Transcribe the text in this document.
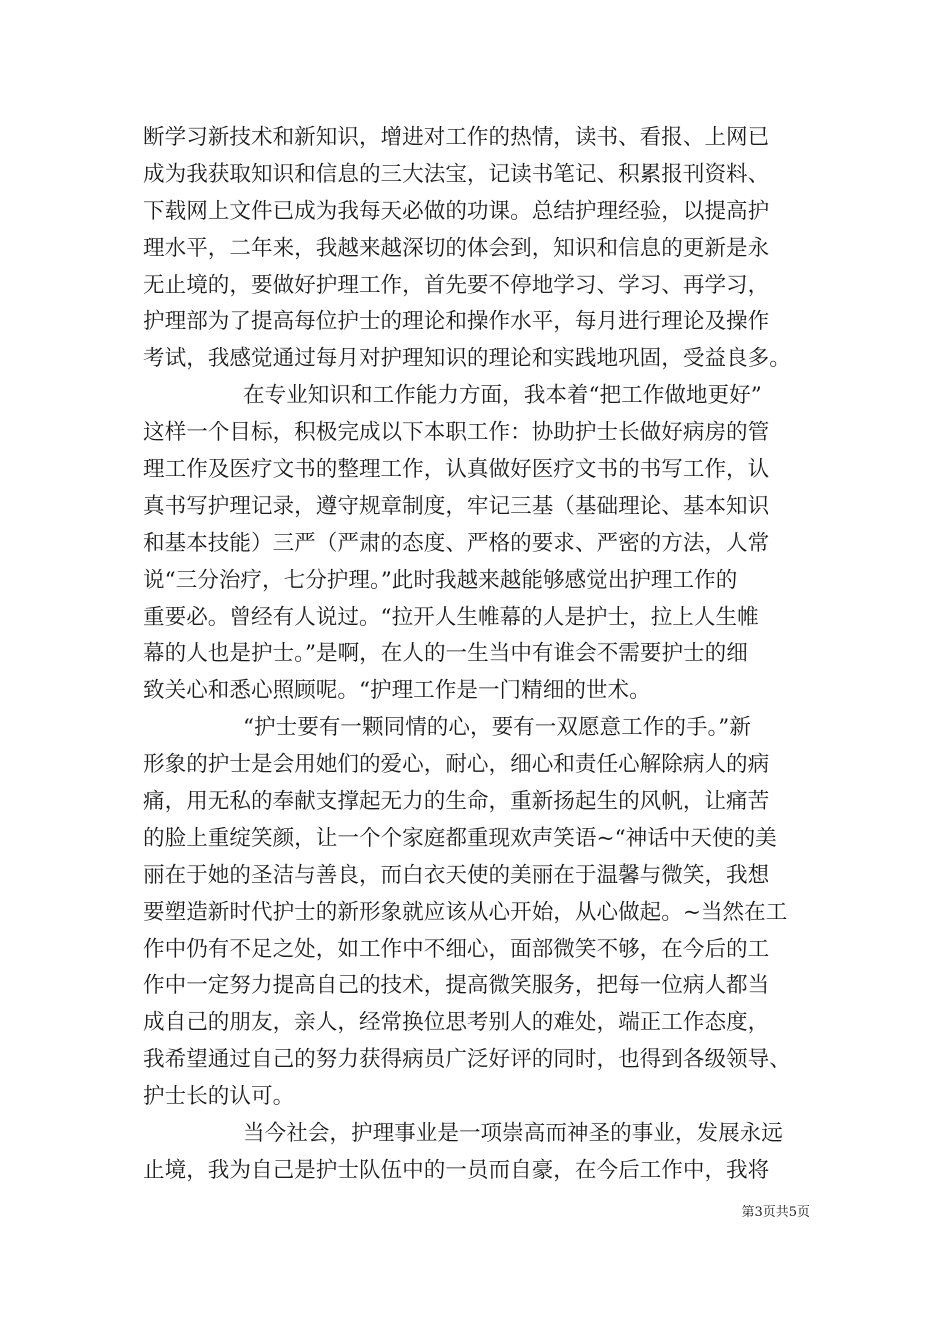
断学习新技术和新知识，增进对工作的热情，读书、看报、上网已
成为我获取知识和信息的三大法宝，记读书笔记、积累报刊资料、
下载网上文件已成为我每天必做的功课。总结护理经验，以提高护
理水平，二年来，我越来越深切的体会到，知识和信息的更新是永
无止境的，要做好护理工作，首先要不停地学习、学习、再学习，
护理部为了提高每位护士的理论和操作水平，每月进行理论及操作
考试，我感觉通过每月对护理知识的理论和实践地巩固，受益良多。
在专业知识和工作能力方面，我本着“把工作做地更好”
这样一个目标，积极完成以下本职工作：协助护士长做好病房的管
理工作及医疗文书的整理工作，认真做好医疗文书的书写工作，认
真书写护理记录，遵守规章制度，牢记三基（基础理论、基本知识
和基本技能）三严（严肃的态度、严格的要求、严密的方法，人常
说“三分治疗，七分护理。”此时我越来越能够感觉出护理工作的
重要必。曾经有人说过。“拉开人生帷幕的人是护士，拉上人生帷
幕的人也是护士。”是啊，在人的一生当中有谁会不需要护士的细
致关心和悉心照顾呢。“护理工作是一门精细的世术。
“护士要有一颗同情的心，要有一双愿意工作的手。”新
形象的护士是会用她们的爱心，耐心，细心和责任心解除病人的病
痛，用无私的奉献支撑起无力的生命，重新扬起生的风帆，让痛苦
的脸上重绽笑颜，让一个个家庭都重现欢声笑语~“神话中天使的美
丽在于她的圣洁与善良，而白衣天使的美丽在于温馨与微笑，我想
要塑造新时代护士的新形象就应该从心开始，从心做起。~当然在工
作中仍有不足之处，如工作中不细心，面部微笑不够，在今后的工
作中一定努力提高自己的技术，提高微笑服务，把每一位病人都当
成自己的朋友，亲人，经常换位思考别人的难处，端正工作态度，
我希望通过自己的努力获得病员广泛好评的同时，也得到各级领导、
护士长的认可。
当今社会，护理事业是一项崇高而神圣的事业，发展永远
止境，我为自己是护士队伍中的一员而自豪，在今后工作中，我将
第3页共5页
